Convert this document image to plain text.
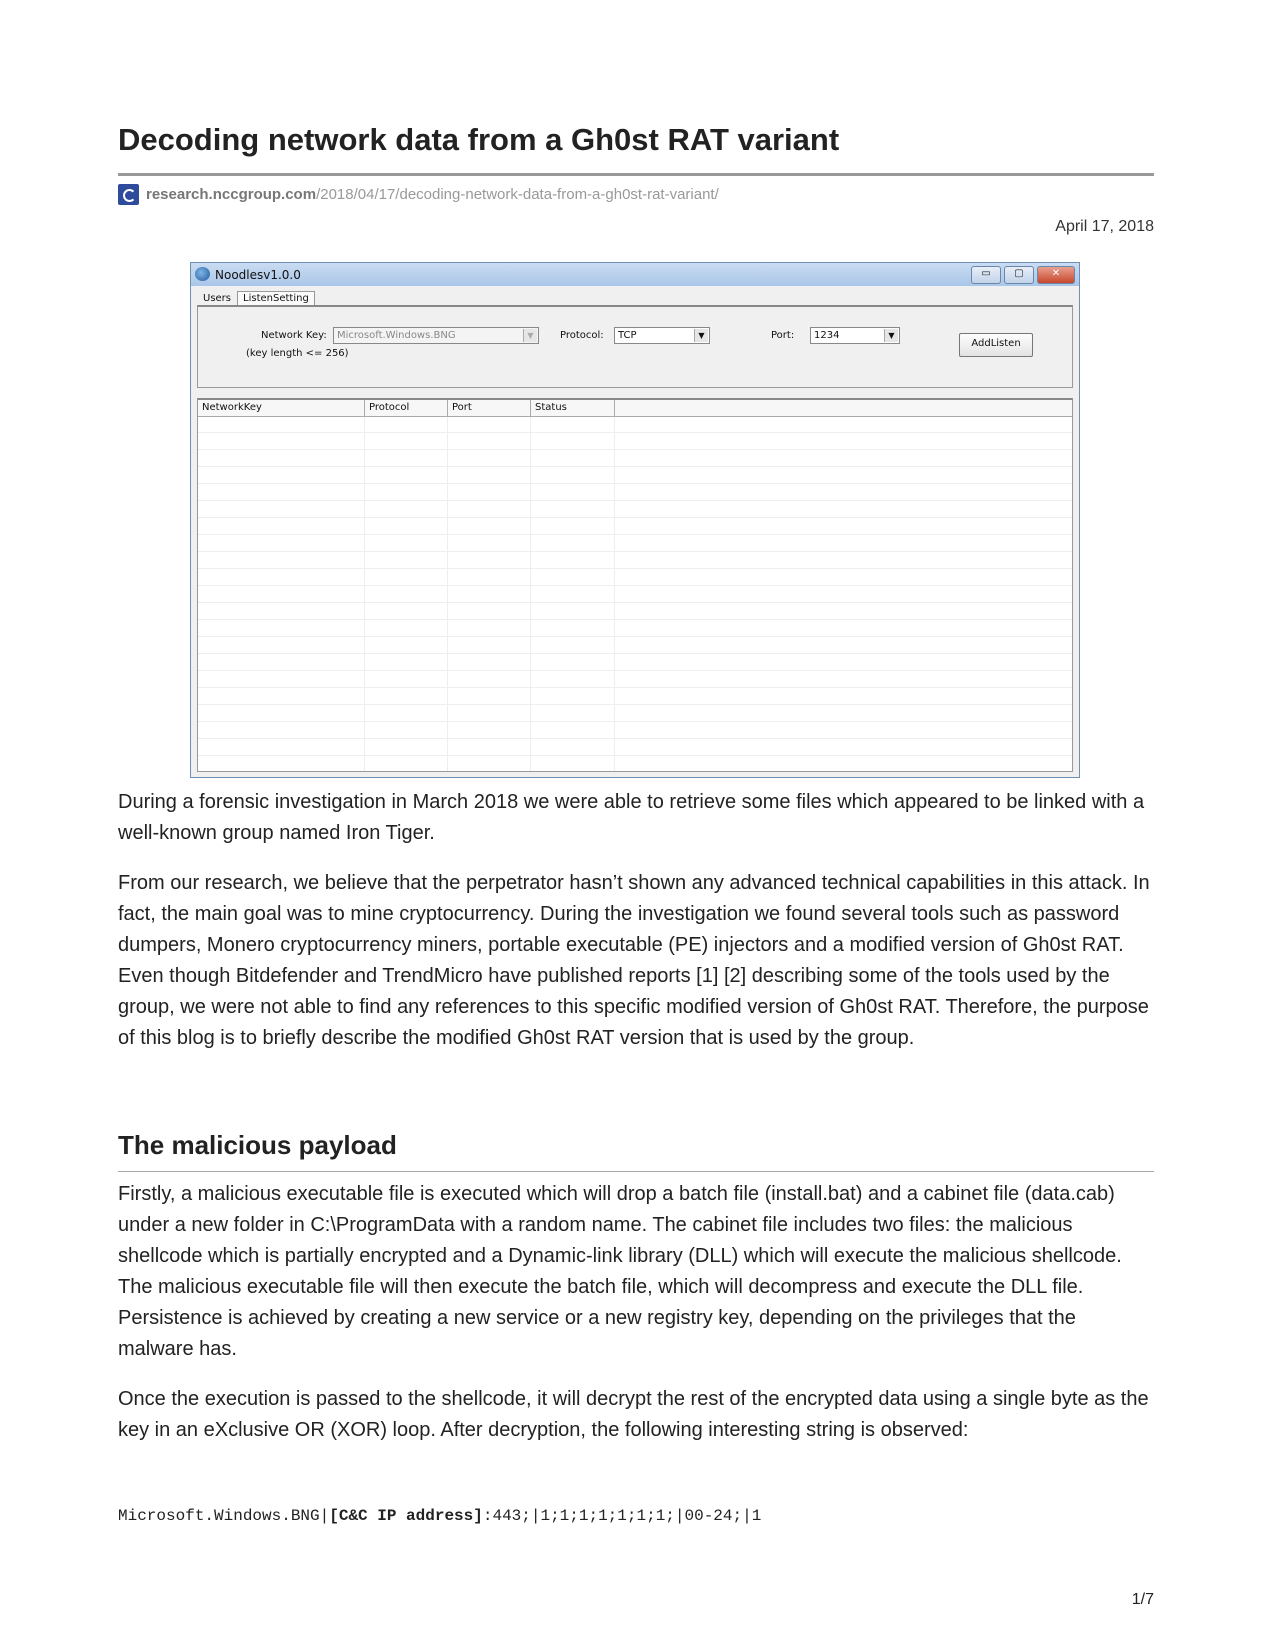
Decoding network data from a Gh0st RAT variant
research.nccgroup.com /2018/04/17/decoding-network-data-from-a-gh0st-rat-variant/
April 17, 2018
Noodlesv1.0.0	▭	▢	✕
Users	ListenSetting
Network Key:	Microsoft.Windows.BNG	▼
(key length <= 256)
Protocol:	TCP	▼	Port:	1234	▼
AddListen
NetworkKey	Protocol	Port	Status

During a forensic investigation in March 2018 we were able to retrieve some files which appeared to be linked with a well-known group named Iron Tiger.

From our research, we believe that the perpetrator hasn’t shown any advanced technical capabilities in this attack. In fact, the main goal was to mine cryptocurrency. During the investigation we found several tools such as password dumpers, Monero cryptocurrency miners, portable executable (PE) injectors and a modified version of Gh0st RAT. Even though Bitdefender and TrendMicro have published reports [1] [2] describing some of the tools used by the group, we were not able to find any references to this specific modified version of Gh0st RAT. Therefore, the purpose of this blog is to briefly describe the modified Gh0st RAT version that is used by the group.

The malicious payload

Firstly, a malicious executable file is executed which will drop a batch file (install.bat) and a cabinet file (data.cab) under a new folder in C:\ProgramData with a random name. The cabinet file includes two files: the malicious shellcode which is partially encrypted and a Dynamic-link library (DLL) which will execute the malicious shellcode. The malicious executable file will then execute the batch file, which will decompress and execute the DLL file. Persistence is achieved by creating a new service or a new registry key, depending on the privileges that the malware has.

Once the execution is passed to the shellcode, it will decrypt the rest of the encrypted data using a single byte as the key in an eXclusive OR (XOR) loop. After decryption, the following interesting string is observed:

Microsoft.Windows.BNG|[C&C IP address]:443;|1;1;1;1;1;1;1;|00-24;|1
1/7
